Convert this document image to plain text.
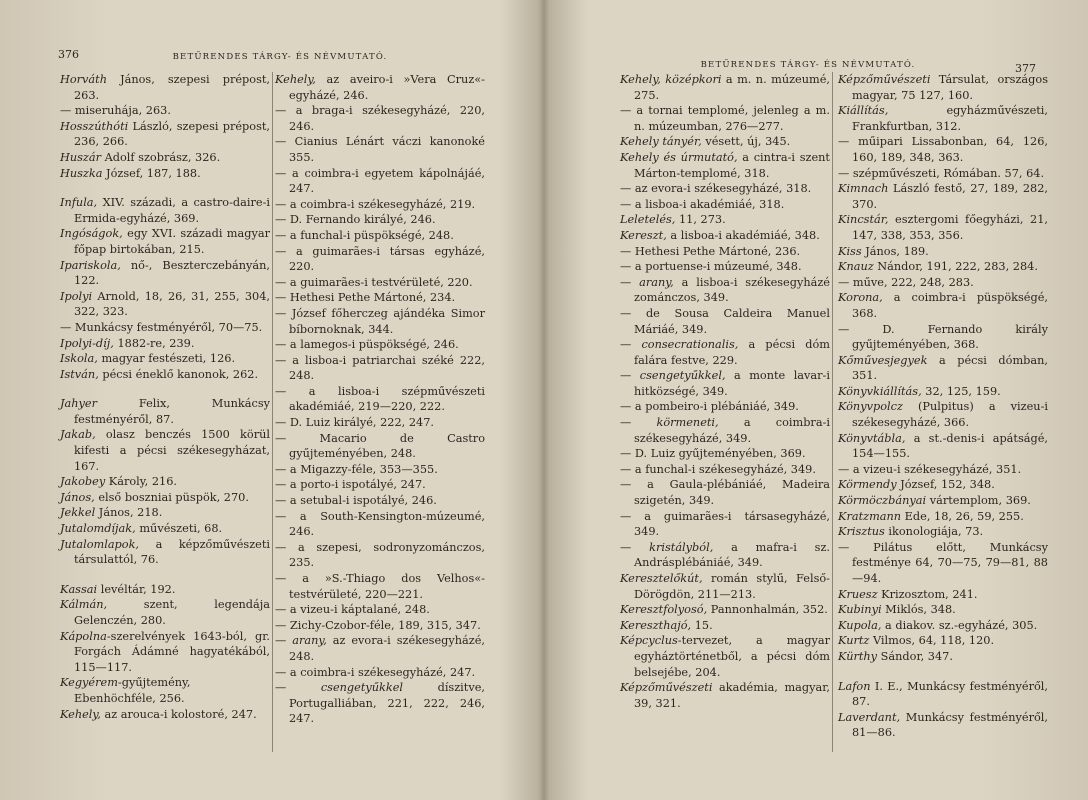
376	BETŰRENDES TÁRGY- ÉS NÉVMUTATÓ.
Horváth János, szepesi prépost, 263.
— miseruhája, 263.
Hosszúthóti László, szepesi prépost, 236, 266.
Huszár Adolf szobrász, 326.
Huszka József, 187, 188.
Infula, XIV. századi, a castro-daire-i Ermida-egyházé, 369.
Ingóságok, egy XVI. századi magyar főpap birtokában, 215.
Ipariskola, nő-, Beszterczebányán, 122.
Ipolyi Arnold, 18, 26, 31, 255, 304, 322, 323.
— Munkácsy festményéről, 70—75.
Ipolyi-díj, 1882-re, 239.
Iskola, magyar festészeti, 126.
István, pécsi éneklő kanonok, 262.
Jahyer Felix, Munkácsy festményéről, 87.
Jakab, olasz benczés 1500 körül kifesti a pécsi székesegyházat, 167.
Jakobey Károly, 216.
János, első boszniai püspök, 270.
Jekkel János, 218.
Jutalomdíjak, művészeti, 68.
Jutalomlapok, a képzőművészeti társulattól, 76.
Kassai levéltár, 192.
Kálmán, szent, legendája Gelenczén, 280.
Kápolna-szerelvények 1643-ból, gr. Forgách Ádámné hagyatékából, 115—117.
Kegyérem-gyűjtemény, Ebenhöchféle, 256.
Kehely, az arouca-i kolostoré, 247.
Kehely, az aveiro-i »Vera Cruz«-egyházé, 246.
— a braga-i székesegyházé, 220, 246.
— Cianius Lénárt váczi kanonoké 355.
— a coimbra-i egyetem kápolnájáé, 247.
— a coimbra-i székesegyházé, 219.
— D. Fernando királyé, 246.
— a funchal-i püspökségé, 248.
— a guimarães-i társas egyházé, 220.
— a guimarães-i testvérületé, 220.
— Hethesi Pethe Mártoné, 234.
— József főherczeg ajándéka Simor bíbornoknak, 344.
— a lamegos-i püspökségé, 246.
— a lisboa-i patriarchai széké 222, 248.
— a lisboa-i szépművészeti akadémiáé, 219—220, 222.
— D. Luiz királyé, 222, 247.
— Macario de Castro gyűjteményében, 248.
— a Migazzy-féle, 353—355.
— a porto-i ispotályé, 247.
— a setubal-i ispotályé, 246.
— a South-Kensington-múzeumé, 246.
— a szepesi, sodronyzománczos, 235.
— a »S.-Thiago dos Velhos«-testvérületé, 220—221.
— a vizeu-i káptalané, 248.
— Zichy-Czobor-féle, 189, 315, 347.
— arany, az evora-i székesegyházé, 248.
— a coimbra-i székesegyházé, 247.
— csengetyűkkel díszitve, Portugalliában, 221, 222, 246, 247.
BETŰRENDES TÁRGY- ÉS NÉVMUTATÓ.	377
Kehely, középkori a m. n. múzeumé, 275.
— a tornai templomé, jelenleg a m. n. múzeumban, 276—277.
Kehely tányér, vésett, új, 345.
Kehely és úrmutató, a cintra-i szent Márton-templomé, 318.
— az evora-i székesegyházé, 318.
— a lisboa-i akadémiáé, 318.
Leletelés, 11, 273.
Kereszt, a lisboa-i akadémiáé, 348.
— Hethesi Pethe Mártoné, 236.
— a portuense-i múzeumé, 348.
— arany, a lisboa-i székesegyházé zománczos, 349.
— de Sousa Caldeira Manuel Máriáé, 349.
— consecrationalis, a pécsi dóm falára festve, 229.
— csengetyűkkel, a monte lavar-i hitközségé, 349.
— a pombeiro-i plébániáé, 349.
— körmeneti, a coimbra-i székesegyházé, 349.
— D. Luiz gyűjteményében, 369.
— a funchal-i székesegyházé, 349.
— a Gaula-plébániáé, Madeira szigetén, 349.
— a guimarães-i társasegyházé, 349.
— kristályból, a mafra-i sz. Andrásplébániáé, 349.
Keresztelőkút, román stylű, Felső-Dörögdön, 211—213.
Keresztfolyosó, Pannonhalmán, 352.
Kereszthajó, 15.
Képcyclus-tervezet, a magyar egyháztörténetből, a pécsi dóm belsejébe, 204.
Képzőművészeti akadémia, magyar, 39, 321.
Képzőművészeti Társulat, országos magyar, 75 127, 160.
Kiállítás, egyházművészeti, Frankfurtban, 312.
— műipari Lissabonban, 64, 126, 160, 189, 348, 363.
— szépművészeti, Rómában. 57, 64.
Kimnach László festő, 27, 189, 282, 370.
Kincstár, esztergomi főegyházi, 21, 147, 338, 353, 356.
Kiss János, 189.
Knauz Nándor, 191, 222, 283, 284.
— műve, 222, 248, 283.
Korona, a coimbra-i püspökségé, 368.
— D. Fernando király gyűjteményében, 368.
Kőművesjegyek a pécsi dómban, 351.
Könyvkiállítás, 32, 125, 159.
Könyvpolcz (Pulpitus) a vizeu-i székesegyházé, 366.
Könyvtábla, a st.-denis-i apátságé, 154—155.
— a vizeu-i székesegyházé, 351.
Körmendy József, 152, 348.
Körmöczbányai vártemplom, 369.
Kratzmann Ede, 18, 26, 59, 255.
Krisztus ikonologiája, 73.
— Pilátus előtt, Munkácsy festménye 64, 70—75, 79—81, 88—94.
Kruesz Krizosztom, 241.
Kubinyi Miklós, 348.
Kupola, a diakov. sz.-egyházé, 305.
Kurtz Vilmos, 64, 118, 120.
Kürthy Sándor, 347.
Lafon I. E., Munkácsy festményéről, 87.
Laverdant, Munkácsy festményéről, 81—86.
